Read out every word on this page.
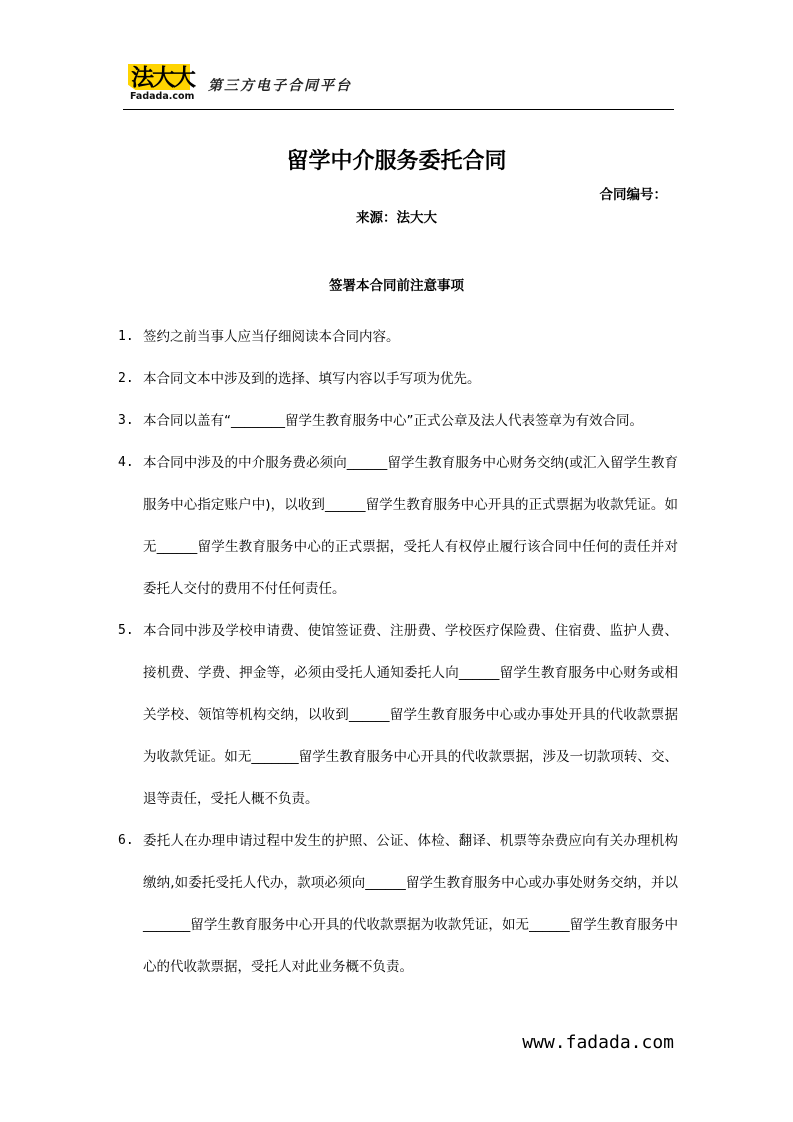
法大大
Fadada.com
第三方电子合同平台
留学中介服务委托合同
合同编号：
来源：法大大
签署本合同前注意事项
1. 签约之前当事人应当仔细阅读本合同内容。
2. 本合同文本中涉及到的选择、填写内容以手写项为优先。
3. 本合同以盖有“________留学生教育服务中心”正式公章及法人代表签章为有效合同。
4. 本合同中涉及的中介服务费必须向______留学生教育服务中心财务交纳(或汇入留学生教育服务中心指定账户中)，以收到______留学生教育服务中心开具的正式票据为收款凭证。如无______留学生教育服务中心的正式票据，受托人有权停止履行该合同中任何的责任并对委托人交付的费用不付任何责任。
5. 本合同中涉及学校申请费、使馆签证费、注册费、学校医疗保险费、住宿费、监护人费、接机费、学费、押金等，必须由受托人通知委托人向______留学生教育服务中心财务或相关学校、领馆等机构交纳，以收到______留学生教育服务中心或办事处开具的代收款票据为收款凭证。如无_______留学生教育服务中心开具的代收款票据，涉及一切款项转、交、退等责任，受托人概不负责。
6. 委托人在办理申请过程中发生的护照、公证、体检、翻译、机票等杂费应向有关办理机构缴纳,如委托受托人代办，款项必须向______留学生教育服务中心或办事处财务交纳，并以_______留学生教育服务中心开具的代收款票据为收款凭证，如无______留学生教育服务中心的代收款票据，受托人对此业务概不负责。
www.fadada.com
